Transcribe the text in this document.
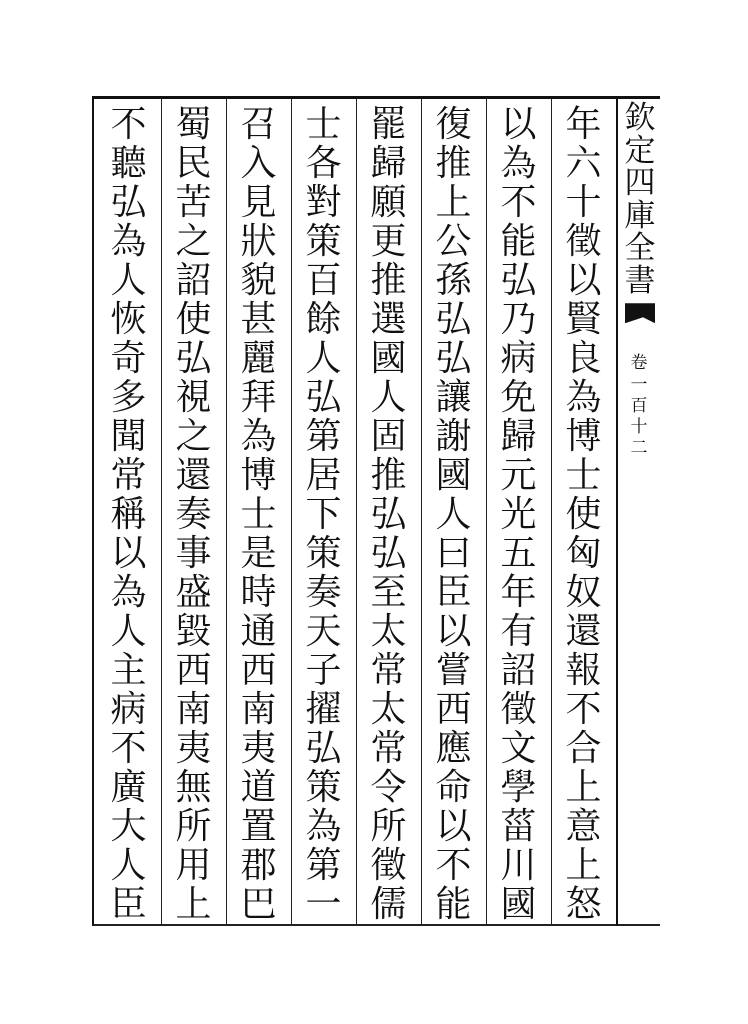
年
六
十
徵
以
賢
良
為
博
士
使
匈
奴
還
報
不
合
上
意
上
怒
以
為
不
能
弘
乃
病
免
歸
元
光
五
年
有
詔
徵
文
學
菑
川
國
復
推
上
公
孫
弘
弘
讓
謝
國
人
曰
臣
以
嘗
西
應
命
以
不
能
罷
歸
願
更
推
選
國
人
固
推
弘
弘
至
太
常
太
常
令
所
徵
儒
士
各
對
策
百
餘
人
弘
第
居
下
策
奏
天
子
擢
弘
策
為
第
一
召
入
見
狀
貌
甚
麗
拜
為
博
士
是
時
通
西
南
夷
道
置
郡
巴
蜀
民
苦
之
詔
使
弘
視
之
還
奏
事
盛
毀
西
南
夷
無
所
用
上
不
聽
弘
為
人
恢
奇
多
聞
常
稱
以
為
人
主
病
不
廣
大
人
臣
欽
定
四
庫
全
書
卷
一
百
十
二
